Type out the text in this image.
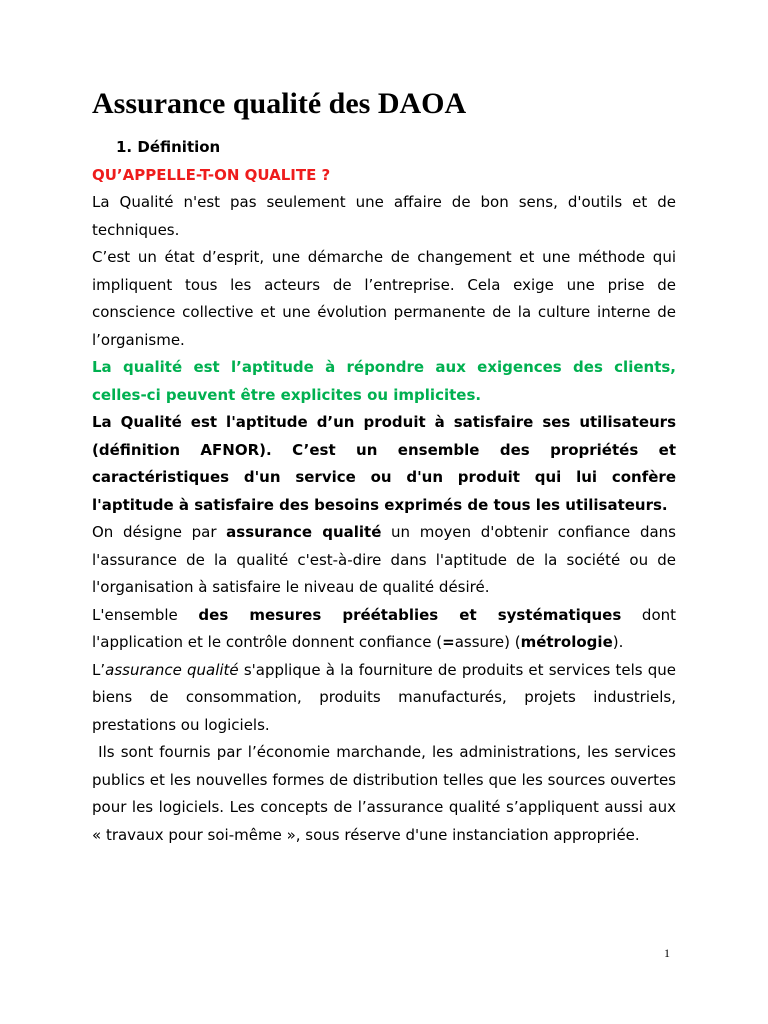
Assurance qualité des DAOA
1. Définition
QU’APPELLE-T-ON QUALITE ?

La Qualité n'est pas seulement une affaire de bon sens, d'outils et de techniques.

C’est un état d’esprit, une démarche de changement et une méthode qui impliquent tous les acteurs de l’entreprise. Cela exige une prise de conscience collective et une évolution permanente de la culture interne de l’organisme.

La qualité est l’aptitude à répondre aux exigences des clients, celles-ci peuvent être explicites ou implicites.

La Qualité est l'aptitude d’un produit à satisfaire ses utilisateurs (définition AFNOR). C’est un ensemble des propriétés et caractéristiques d'un service ou d'un produit qui lui confère l'aptitude à satisfaire des besoins exprimés de tous les utilisateurs.

On désigne par assurance qualité un moyen d'obtenir confiance dans l'assurance de la qualité c'est-à-dire dans l'aptitude de la société ou de l'organisation à satisfaire le niveau de qualité désiré.

L'ensemble des mesures préétablies et systématiques dont l'application et le contrôle donnent confiance (=assure) (métrologie).

L’assurance qualité s'applique à la fourniture de produits et services tels que biens de consommation, produits manufacturés, projets industriels, prestations ou logiciels.

Ils sont fournis par l’économie marchande, les administrations, les services publics et les nouvelles formes de distribution telles que les sources ouvertes pour les logiciels. Les concepts de l’assurance qualité s’appliquent aussi aux « travaux pour soi-même », sous réserve d'une instanciation appropriée.

1
